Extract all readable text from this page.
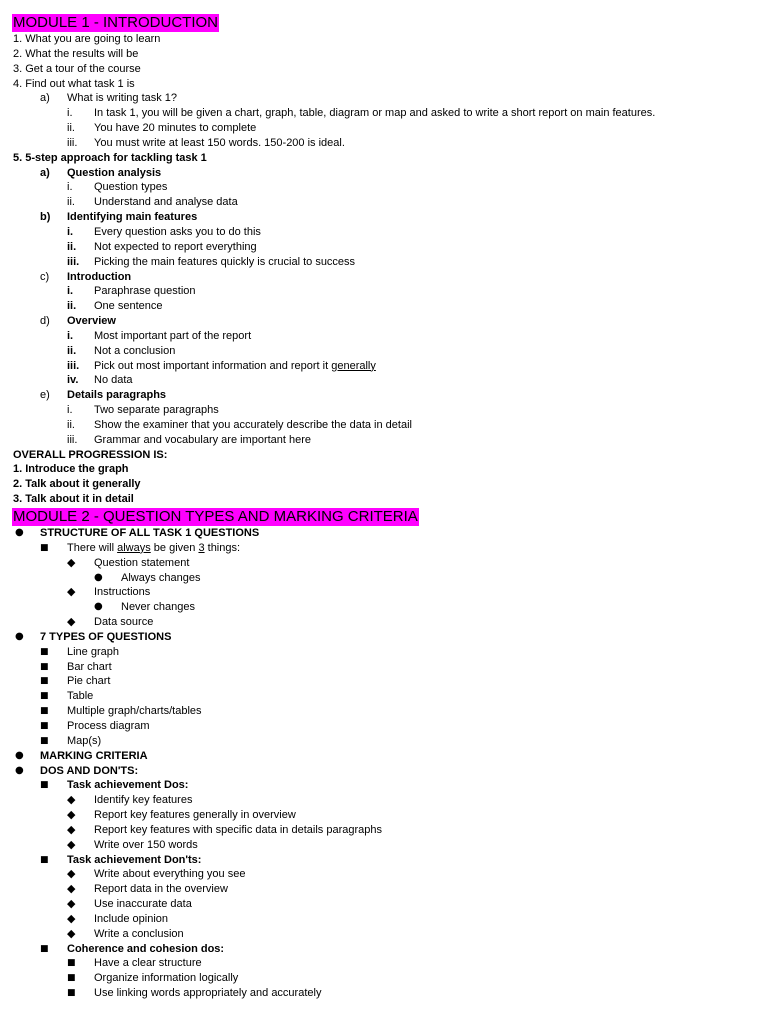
MODULE 1 - INTRODUCTION
1. What you are going to learn
2. What the results will be
3. Get a tour of the course
4. Find out what task 1 is
a) What is writing task 1?
i. In task 1, you will be given a chart, graph, table, diagram or map and asked to write a short report on main features.
ii. You have 20 minutes to complete
iii. You must write at least 150 words. 150-200 is ideal.
5. 5-step approach for tackling task 1
a) Question analysis
i. Question types
ii. Understand and analyse data
b) Identifying main features
i. Every question asks you to do this
ii. Not expected to report everything
iii. Picking the main features quickly is crucial to success
c) Introduction
i. Paraphrase question
ii. One sentence
d) Overview
i. Most important part of the report
ii. Not a conclusion
iii. Pick out most important information and report it generally
iv. No data
e) Details paragraphs
i. Two separate paragraphs
ii. Show the examiner that you accurately describe the data in detail
iii. Grammar and vocabulary are important here
OVERALL PROGRESSION IS:
1. Introduce the graph
2. Talk about it generally
3. Talk about it in detail
MODULE 2 - QUESTION TYPES AND MARKING CRITERIA
● STRUCTURE OF ALL TASK 1 QUESTIONS
■ There will always be given 3 things:
◆ Question statement
● Always changes
◆ Instructions
● Never changes
◆ Data source
● 7 TYPES OF QUESTIONS
■ Line graph
■ Bar chart
■ Pie chart
■ Table
■ Multiple graph/charts/tables
■ Process diagram
■ Map(s)
● MARKING CRITERIA
● DOS AND DON'TS:
■ Task achievement Dos:
◆ Identify key features
◆ Report key features generally in overview
◆ Report key features with specific data in details paragraphs
◆ Write over 150 words
■ Task achievement Don'ts:
◆ Write about everything you see
◆ Report data in the overview
◆ Use inaccurate data
◆ Include opinion
◆ Write a conclusion
■ Coherence and cohesion dos:
■ Have a clear structure
■ Organize information logically
■ Use linking words appropriately and accurately
